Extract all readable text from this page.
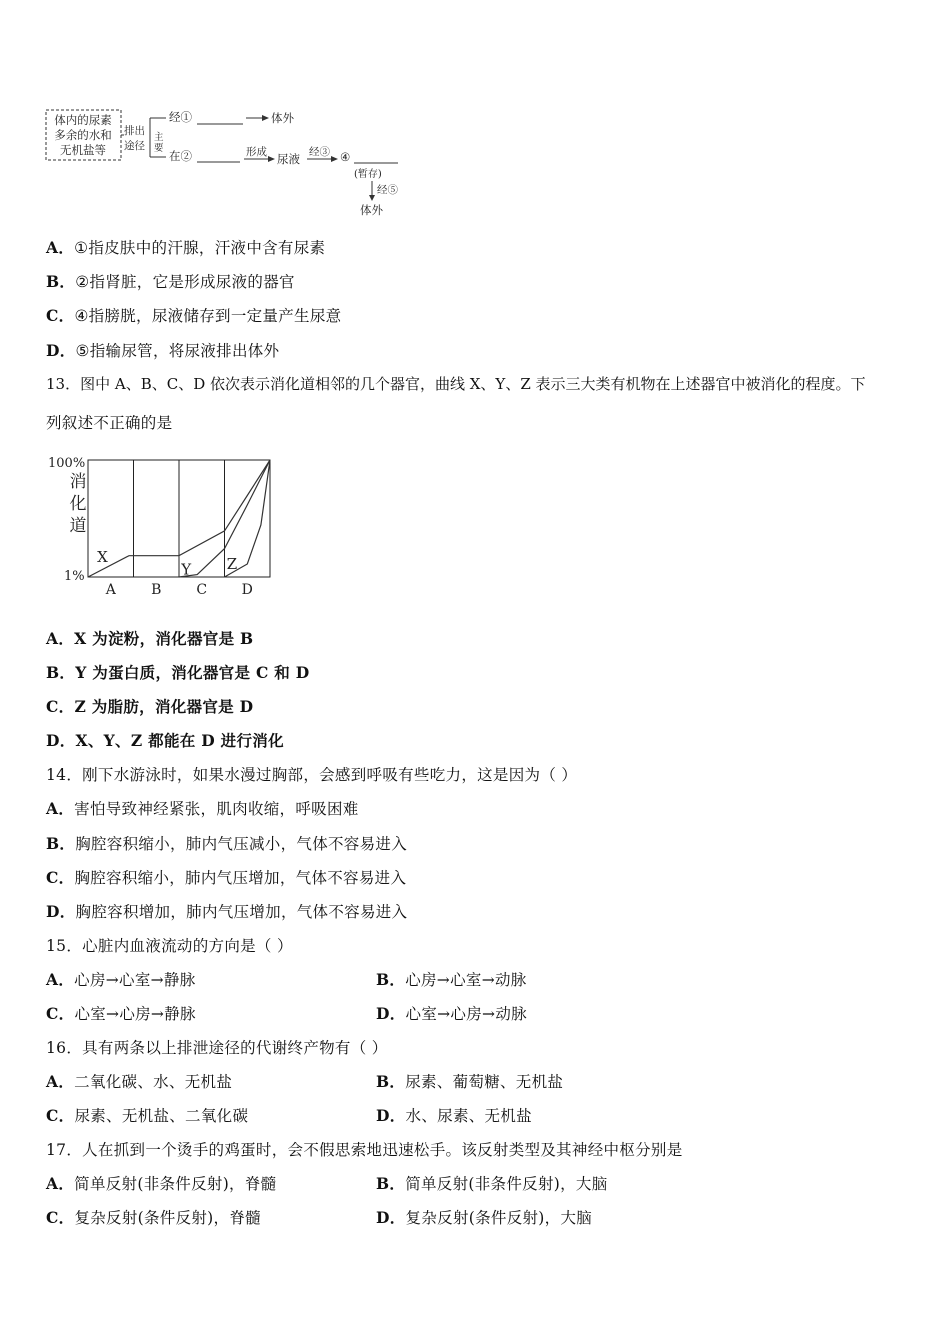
体内的尿素
多余的水和
无机盐等
排出
途径
主
要
经①	体外
在②	形成 尿液 经③ ④
(暂存)
经⑤
体外
A．①指皮肤中的汗腺，汗液中含有尿素
B．②指肾脏，它是形成尿液的器官
C．④指膀胱，尿液储存到一定量产生尿意
D．⑤指输尿管，将尿液排出体外
13．图中 A、B、C、D 依次表示消化道相邻的几个器官，曲线 X、Y、Z 表示三大类有机物在上述器官中被消化的程度。下
列叙述不正确的是
100%
1%
消化道
A	B C D
X
Y Z
A．X 为淀粉，消化器官是 B
B．Y 为蛋白质，消化器官是 C 和 D
C．Z 为脂肪，消化器官是 D
D．X、Y、Z 都能在 D 进行消化
14．刚下水游泳时，如果水漫过胸部，会感到呼吸有些吃力，这是因为（ ）
A．害怕导致神经紧张，肌肉收缩，呼吸困难
B．胸腔容积缩小，肺内气压减小，气体不容易进入
C．胸腔容积缩小，肺内气压增加，气体不容易进入
D．胸腔容积增加，肺内气压增加，气体不容易进入
15．心脏内血液流动的方向是（ ）
A．心房→心室→静脉	B．心房→心室→动脉
C．心室→心房→静脉	D．心室→心房→动脉
16．具有两条以上排泄途径的代谢终产物有（ ）
A．二氧化碳、水、无机盐	B．尿素、葡萄糖、无机盐
C．尿素、无机盐、二氧化碳	D．水、尿素、无机盐
17．人在抓到一个烫手的鸡蛋时，会不假思索地迅速松手。该反射类型及其神经中枢分别是
A．简单反射(非条件反射)，脊髓	B．简单反射(非条件反射)，大脑
C．复杂反射(条件反射)，脊髓	D．复杂反射(条件反射)，大脑
